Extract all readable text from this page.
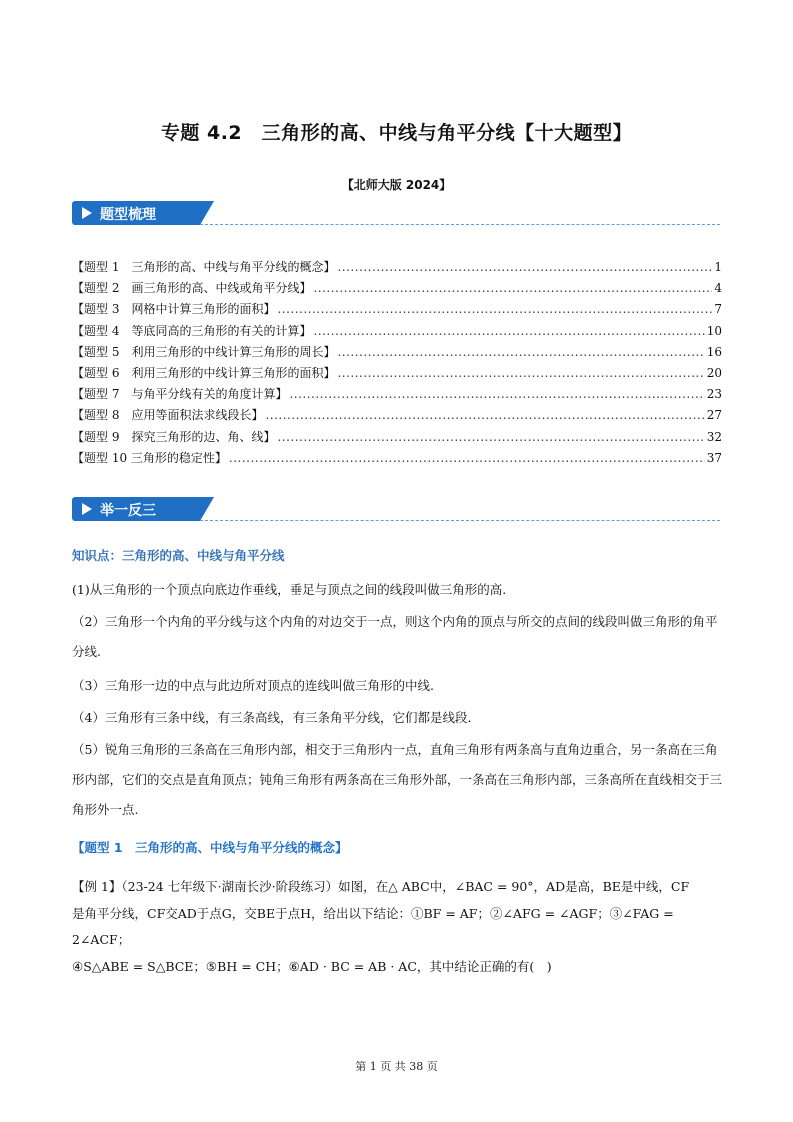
专题 4.2　三角形的高、中线与角平分线【十大题型】
【北师大版 2024】
题型梳理
【题型 1　三角形的高、中线与角平分线的概念】 .....	1
【题型 2　画三角形的高、中线或角平分线】 .....	4
【题型 3　网格中计算三角形的面积】 .....	7
【题型 4　等底同高的三角形的有关的计算】 .....	10
【题型 5　利用三角形的中线计算三角形的周长】 .....	16
【题型 6　利用三角形的中线计算三角形的面积】 .....	20
【题型 7　与角平分线有关的角度计算】 .....	23
【题型 8　应用等面积法求线段长】 .....	27
【题型 9　探究三角形的边、角、线】 .....	32
【题型 10 三角形的稳定性】 .....	37
举一反三
知识点：三角形的高、中线与角平分线
(1)从三角形的一个顶点向底边作垂线，垂足与顶点之间的线段叫做三角形的高.
（2）三角形一个内角的平分线与这个内角的对边交于一点，则这个内角的顶点与所交的点间的线段叫做三角形的角平分线.
（3）三角形一边的中点与此边所对顶点的连线叫做三角形的中线.
（4）三角形有三条中线，有三条高线，有三条角平分线，它们都是线段.
（5）锐角三角形的三条高在三角形内部，相交于三角形内一点，直角三角形有两条高与直角边重合，另一条高在三角形内部，它们的交点是直角顶点；钝角三角形有两条高在三角形外部，一条高在三角形内部，三条高所在直线相交于三角形外一点.
【题型 1　三角形的高、中线与角平分线的概念】
【例 1】（23-24 七年级下·湖南长沙·阶段练习）如图，在△ ABC中，∠BAC = 90°，AD是高，BE是中线，CF
是角平分线，CF交AD于点G，交BE于点H，给出以下结论：①BF = AF；②∠AFG = ∠AGF；③∠FAG = 2∠ACF；
④S△ABE = S△BCE；⑤BH = CH；⑥AD · BC = AB · AC，其中结论正确的有(　)
第 1 页 共 38 页
